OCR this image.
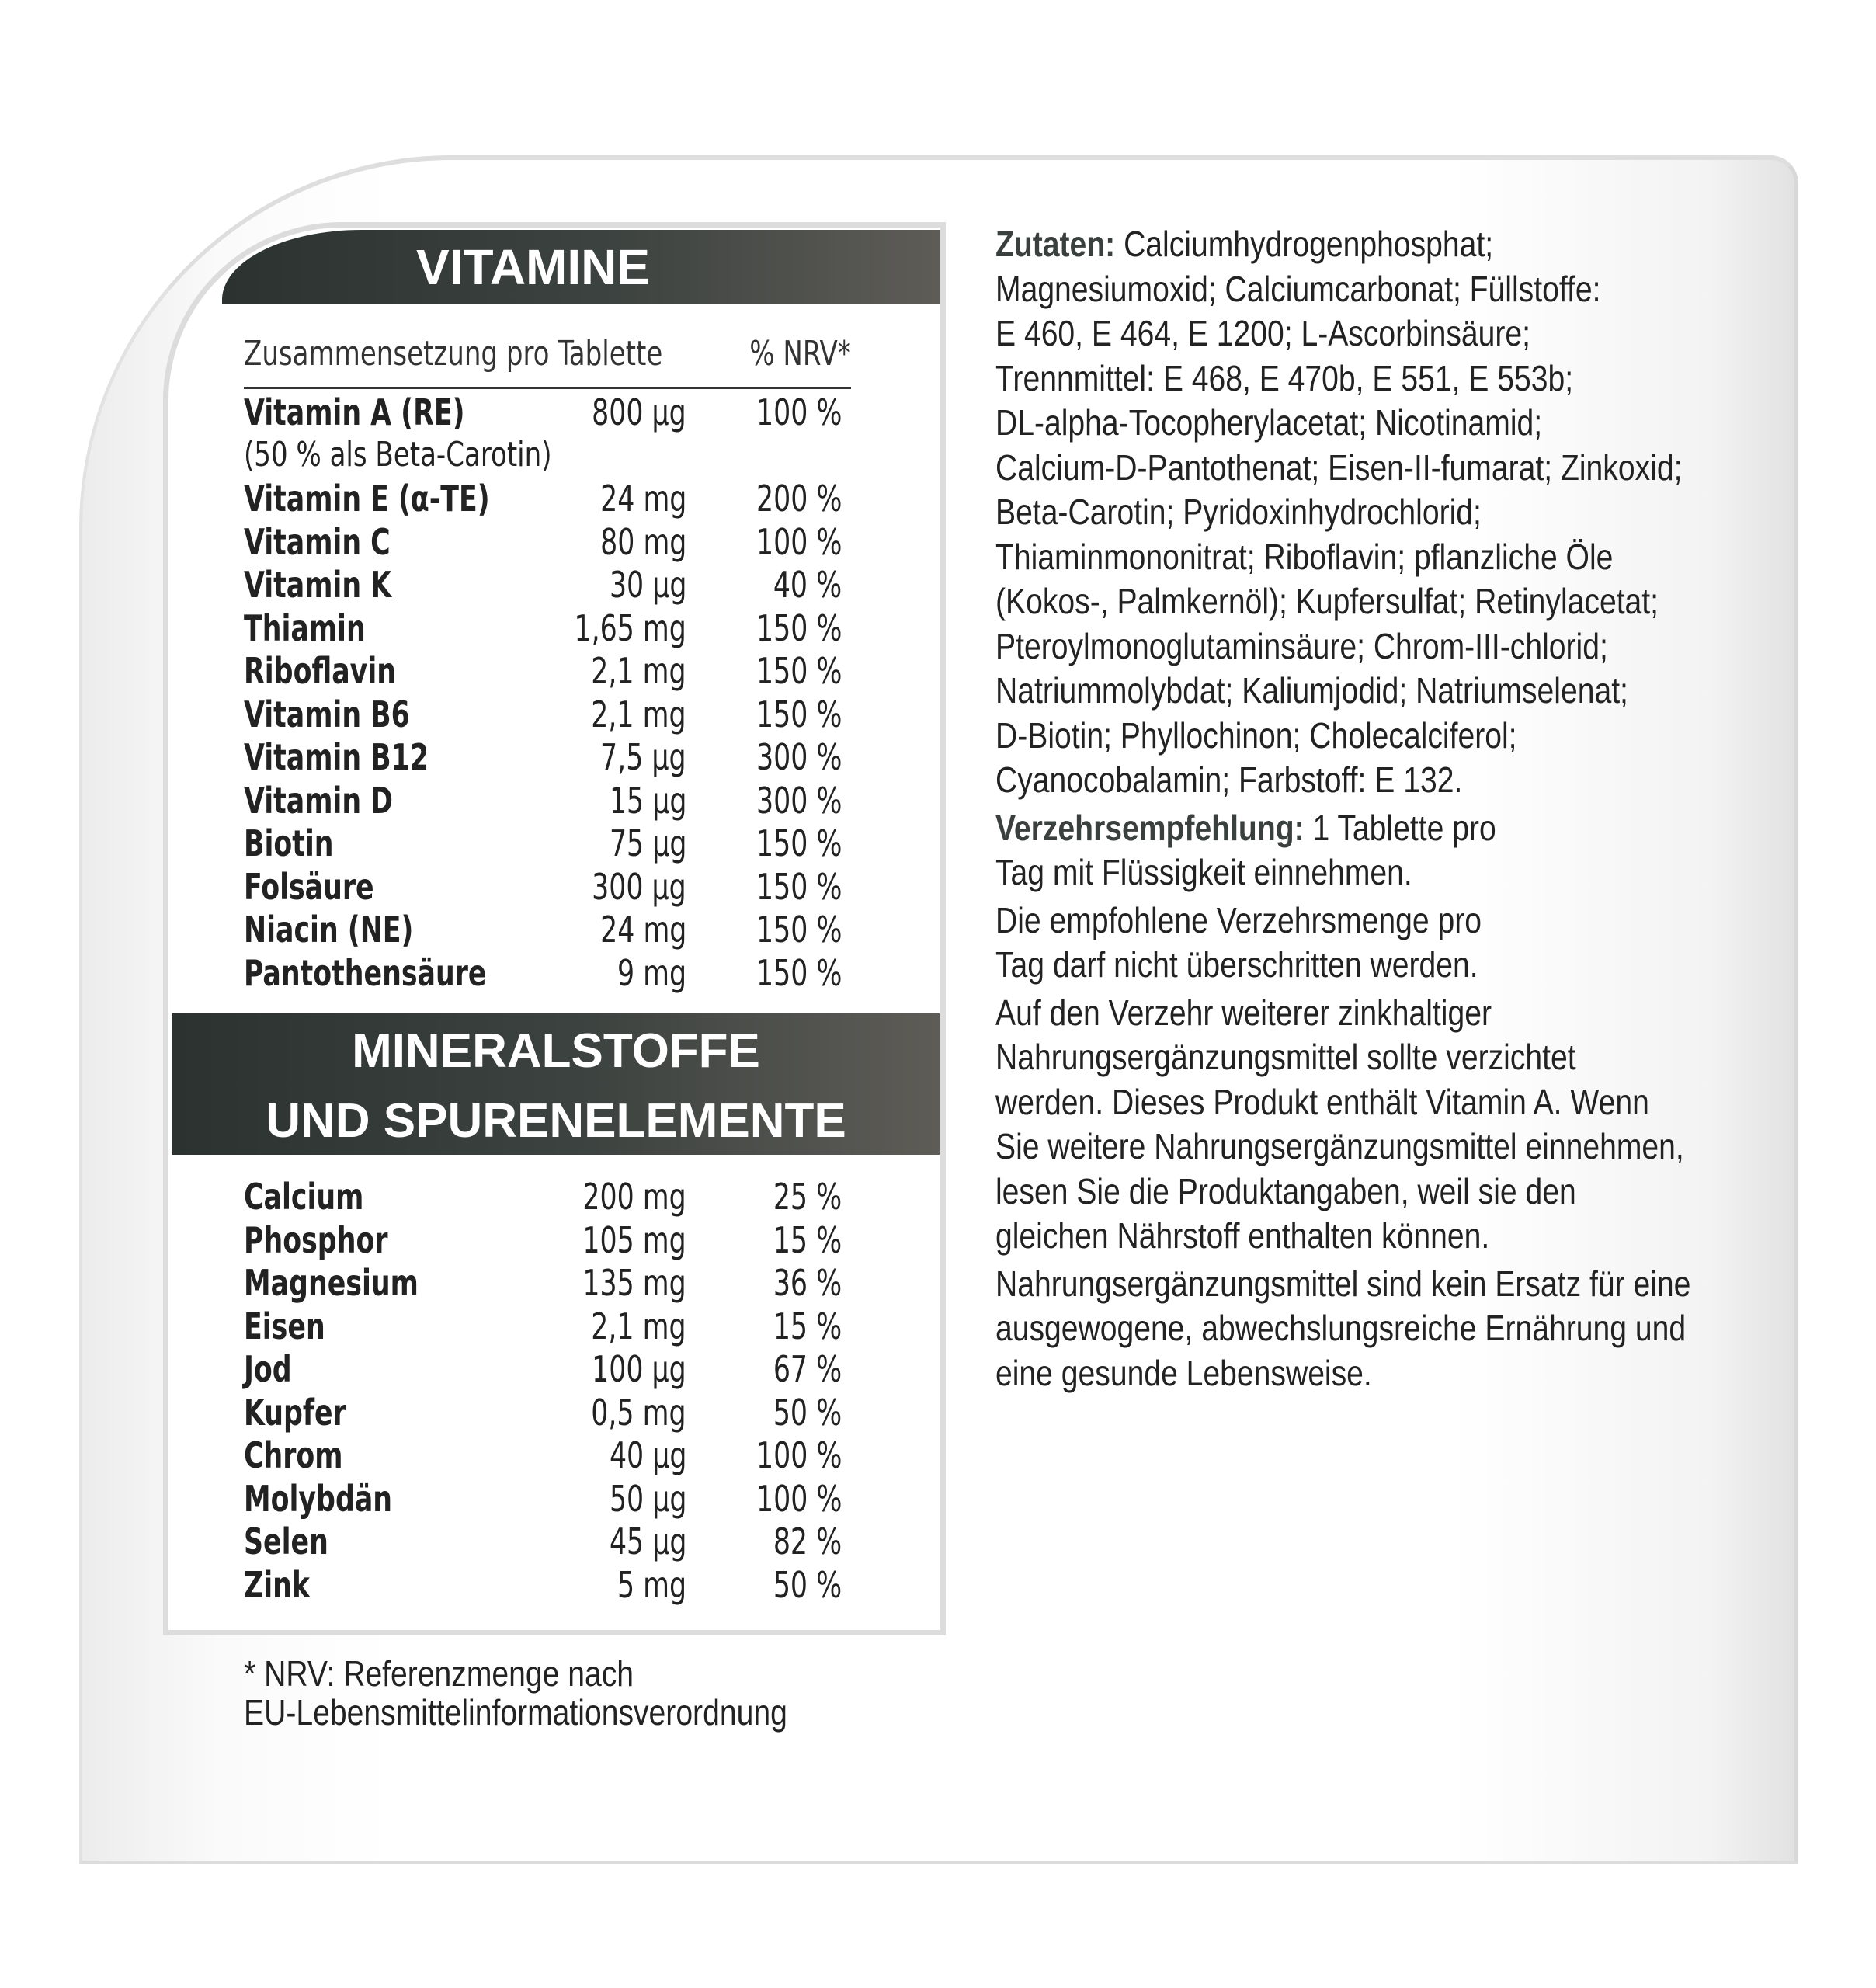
VITAMINE
Zusammensetzung pro Tablette	% NRV*
Vitamin A (RE)	800 µg 100 %
(50 % als Beta-Carotin)
Vitamin E (α-TE)	24 mg 200 %
Vitamin C	80 mg 100 %
Vitamin K	30 µg 40 %
Thiamin	1,65 mg 150 %
Riboflavin	2,1 mg 150 %
Vitamin B6	2,1 mg 150 %
Vitamin B12	7,5 µg 300 %
Vitamin D	15 µg 300 %
Biotin	75 µg 150 %
Folsäure	300 µg 150 %
Niacin (NE)	24 mg 150 %
Pantothensäure	9 mg 150 %
MINERALSTOFFE
UND SPURENELEMENTE
Calcium	200 mg 25 %
Phosphor	105 mg 15 %
Magnesium	135 mg 36 %
Eisen	2,1 mg 15 %
Jod	100 µg 67 %
Kupfer	0,5 mg 50 %
Chrom	40 µg 100 %
Molybdän	50 µg 100 %
Selen	45 µg 82 %
Zink	5 mg 50 %
* NRV: Referenzmenge nach
EU-Lebensmittelinformationsverordnung
Zutaten: Calciumhydrogenphosphat;
Magnesiumoxid; Calciumcarbonat; Füllstoffe:
E 460, E 464, E 1200; L-Ascorbinsäure;
Trennmittel: E 468, E 470b, E 551, E 553b;
DL-alpha-Tocopherylacetat; Nicotinamid;
Calcium-D-Pantothenat; Eisen-II-fumarat; Zinkoxid;
Beta-Carotin; Pyridoxinhydrochlorid;
Thiaminmononitrat; Riboflavin; pflanzliche Öle
(Kokos-, Palmkernöl); Kupfersulfat; Retinylacetat;
Pteroylmonoglutaminsäure; Chrom-III-chlorid;
Natriummolybdat; Kaliumjodid; Natriumselenat;
D-Biotin; Phyllochinon; Cholecalciferol;
Cyanocobalamin; Farbstoff: E 132.
Verzehrsempfehlung: 1 Tablette pro
Tag mit Flüssigkeit einnehmen.
Die empfohlene Verzehrsmenge pro
Tag darf nicht überschritten werden.
Auf den Verzehr weiterer zinkhaltiger
Nahrungsergänzungsmittel sollte verzichtet
werden. Dieses Produkt enthält Vitamin A. Wenn
Sie weitere Nahrungsergänzungsmittel einnehmen,
lesen Sie die Produktangaben, weil sie den
gleichen Nährstoff enthalten können.
Nahrungsergänzungsmittel sind kein Ersatz für eine
ausgewogene, abwechslungsreiche Ernährung und
eine gesunde Lebensweise.
